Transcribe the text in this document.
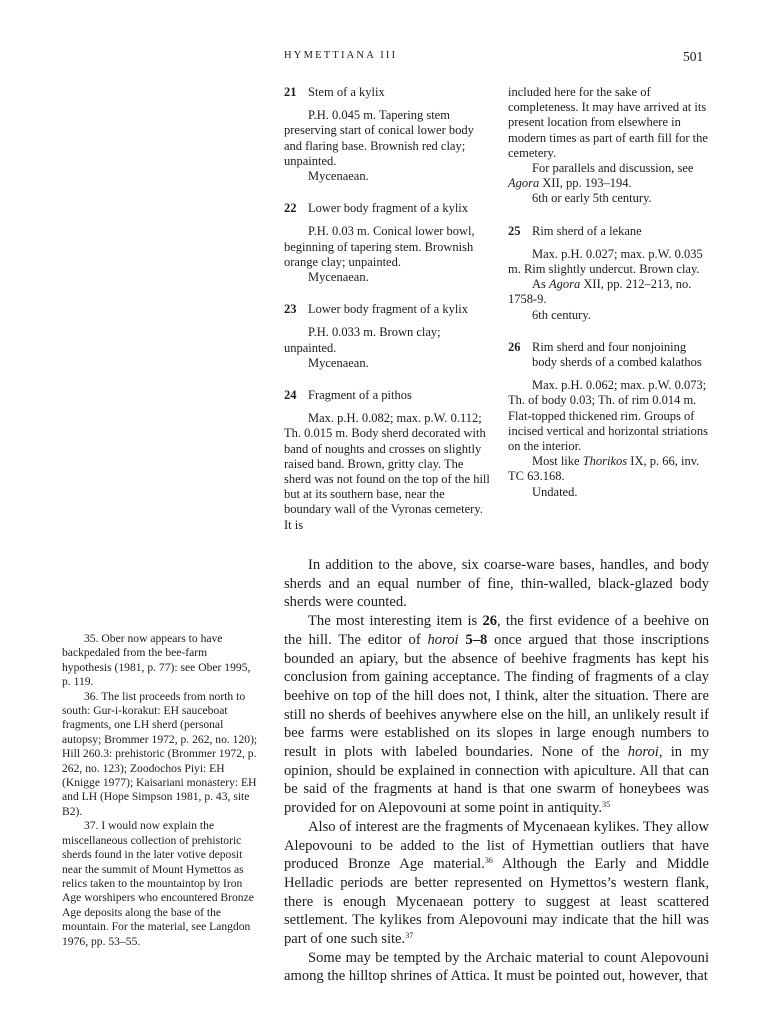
HYMETTIANA III	501
21 Stem of a kylix

P.H. 0.045 m. Tapering stem preserving start of conical lower body and flaring base. Brownish red clay; unpainted.

Mycenaean.

22 Lower body fragment of a kylix

P.H. 0.03 m. Conical lower bowl, beginning of tapering stem. Brownish orange clay; unpainted.

Mycenaean.

23 Lower body fragment of a kylix

P.H. 0.033 m. Brown clay; unpainted.

Mycenaean.

24 Fragment of a pithos

Max. p.H. 0.082; max. p.W. 0.112; Th. 0.015 m. Body sherd decorated with band of noughts and crosses on slightly raised band. Brown, gritty clay. The sherd was not found on the top of the hill but at its southern base, near the boundary wall of the Vyronas cemetery. It is

included here for the sake of completeness. It may have arrived at its present location from elsewhere in modern times as part of earth fill for the cemetery.

For parallels and discussion, see Agora XII, pp. 193–194.

6th or early 5th century.

25 Rim sherd of a lekane

Max. p.H. 0.027; max. p.W. 0.035 m. Rim slightly undercut. Brown clay.

As Agora XII, pp. 212–213, no. 1758-9.

6th century.

26 Rim sherd and four nonjoining body sherds of a combed kalathos

Max. p.H. 0.062; max. p.W. 0.073; Th. of body 0.03; Th. of rim 0.014 m. Flat-topped thickened rim. Groups of incised vertical and horizontal striations on the interior.

Most like Thorikos IX, p. 66, inv. TC 63.168.

Undated.

In addition to the above, six coarse-ware bases, handles, and body sherds and an equal number of fine, thin-walled, black-glazed body sherds were counted.

The most interesting item is 26, the first evidence of a beehive on the hill. The editor of horoi 5–8 once argued that those inscriptions bounded an apiary, but the absence of beehive fragments has kept his conclusion from gaining acceptance. The finding of fragments of a clay beehive on top of the hill does not, I think, alter the situation. There are still no sherds of beehives anywhere else on the hill, an unlikely result if bee farms were established on its slopes in large enough numbers to result in plots with labeled boundaries. None of the horoi, in my opinion, should be explained in connection with apiculture. All that can be said of the fragments at hand is that one swarm of honeybees was provided for on Alepovouni at some point in antiquity.$^{35}$

Also of interest are the fragments of Mycenaean kylikes. They allow Alepovouni to be added to the list of Hymettian outliers that have produced Bronze Age material.$^{36}$ Although the Early and Middle Helladic periods are better represented on Hymettos’s western flank, there is enough Mycenaean pottery to suggest at least scattered settlement. The kylikes from Alepovouni may indicate that the hill was part of one such site.$^{37}$

Some may be tempted by the Archaic material to count Alepovouni among the hilltop shrines of Attica. It must be pointed out, however, that

35. Ober now appears to have backpedaled from the bee-farm hypothesis (1981, p. 77): see Ober 1995, p. 119.

36. The list proceeds from north to south: Gur-i-korakut: EH sauceboat fragments, one LH sherd (personal autopsy; Brommer 1972, p. 262, no. 120); Hill 260.3: prehistoric (Brommer 1972, p. 262, no. 123); Zoodochos Piyi: EH (Knigge 1977); Kaisariani monastery: EH and LH (Hope Simpson 1981, p. 43, site B2).

37. I would now explain the miscellaneous collection of prehistoric sherds found in the later votive deposit near the summit of Mount Hymettos as relics taken to the mountaintop by Iron Age worshipers who encountered Bronze Age deposits along the base of the mountain. For the material, see Langdon 1976, pp. 53–55.
